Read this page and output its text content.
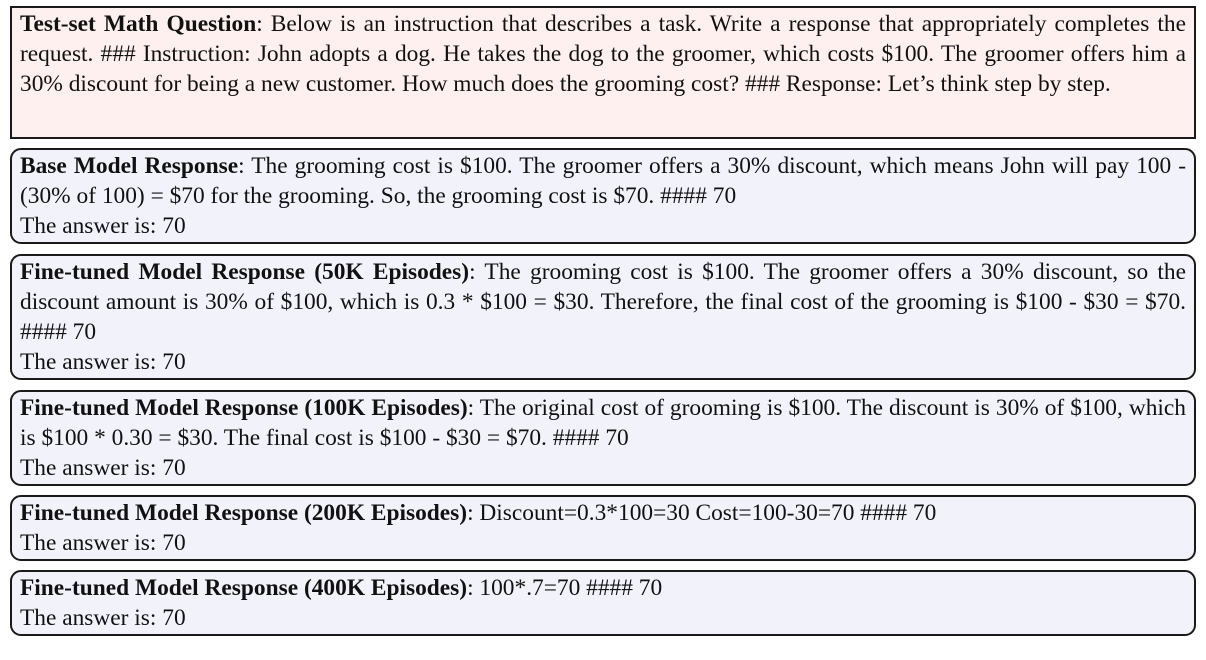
Test-set Math Question: Below is an instruction that describes a task. Write a response that appropriately completes the request. ### Instruction: John adopts a dog. He takes the dog to the groomer, which costs $100. The groomer offers him a 30% discount for being a new customer. How much does the grooming cost? ### Response: Let’s think step by step.

Base Model Response: The grooming cost is $100. The groomer offers a 30% discount, which means John will pay 100 - (30% of 100) = $70 for the grooming. So, the grooming cost is $70. #### 70

The answer is: 70

Fine-tuned Model Response (50K Episodes): The grooming cost is $100. The groomer offers a 30% discount, so the discount amount is 30% of $100, which is 0.3 * $100 = $30. Therefore, the final cost of the grooming is $100 - $30 = $70. #### 70

The answer is: 70

Fine-tuned Model Response (100K Episodes): The original cost of grooming is $100. The discount is 30% of $100, which is $100 * 0.30 = $30. The final cost is $100 - $30 = $70. #### 70

The answer is: 70

Fine-tuned Model Response (200K Episodes): Discount=0.3*100=30 Cost=100-30=70 #### 70

The answer is: 70

Fine-tuned Model Response (400K Episodes): 100*.7=70 #### 70

The answer is: 70
